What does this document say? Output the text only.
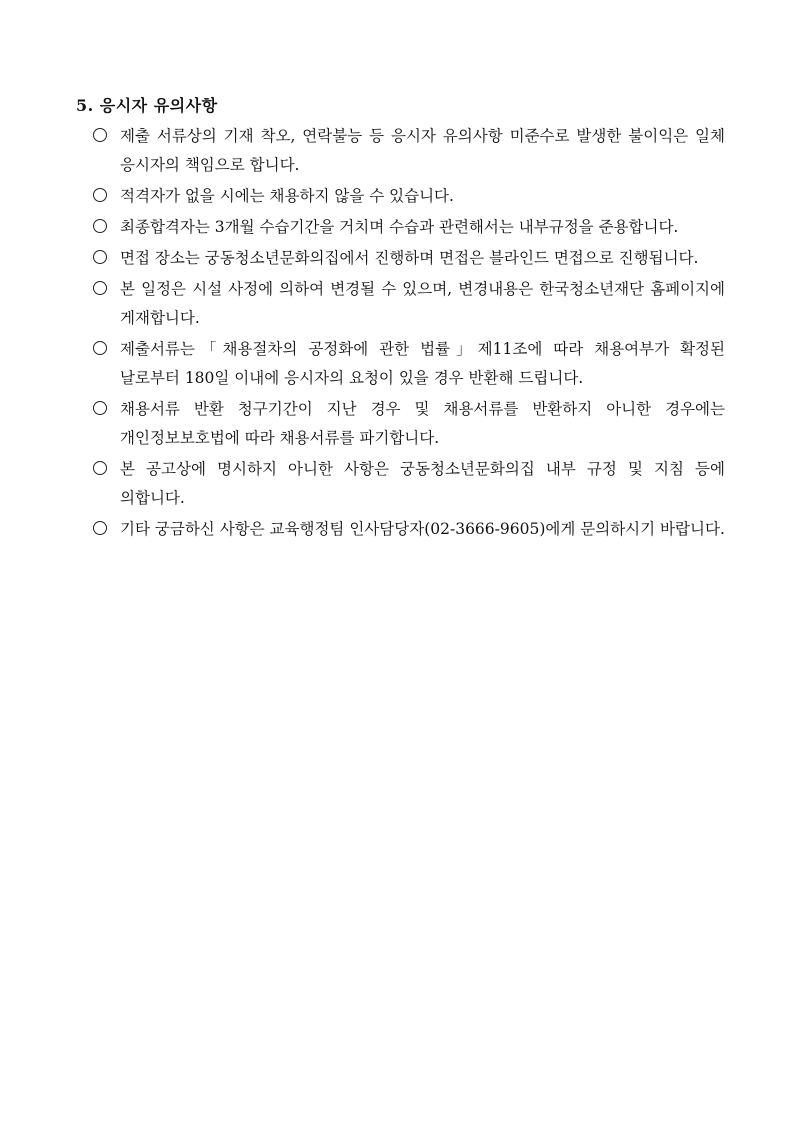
5. 응시자 유의사항
제출 서류상의 기재 착오, 연락불능 등 응시자 유의사항 미준수로 발생한 불이익은 일체 응시자의 책임으로 합니다.
적격자가 없을 시에는 채용하지 않을 수 있습니다.
최종합격자는 3개월 수습기간을 거치며 수습과 관련해서는 내부규정을 준용합니다.
면접 장소는 궁동청소년문화의집에서 진행하며 면접은 블라인드 면접으로 진행됩니다.
본 일정은 시설 사정에 의하여 변경될 수 있으며, 변경내용은 한국청소년재단 홈페이지에 게재합니다.
제출서류는「채용절차의 공정화에 관한 법률」제11조에 따라 채용여부가 확정된 날로부터 180일 이내에 응시자의 요청이 있을 경우 반환해 드립니다.
채용서류 반환 청구기간이 지난 경우 및 채용서류를 반환하지 아니한 경우에는 개인정보보호법에 따라 채용서류를 파기합니다.
본 공고상에 명시하지 아니한 사항은 궁동청소년문화의집 내부 규정 및 지침 등에 의합니다.
기타 궁금하신 사항은 교육행정팀 인사담당자(02-3666-9605)에게 문의하시기 바랍니다.
